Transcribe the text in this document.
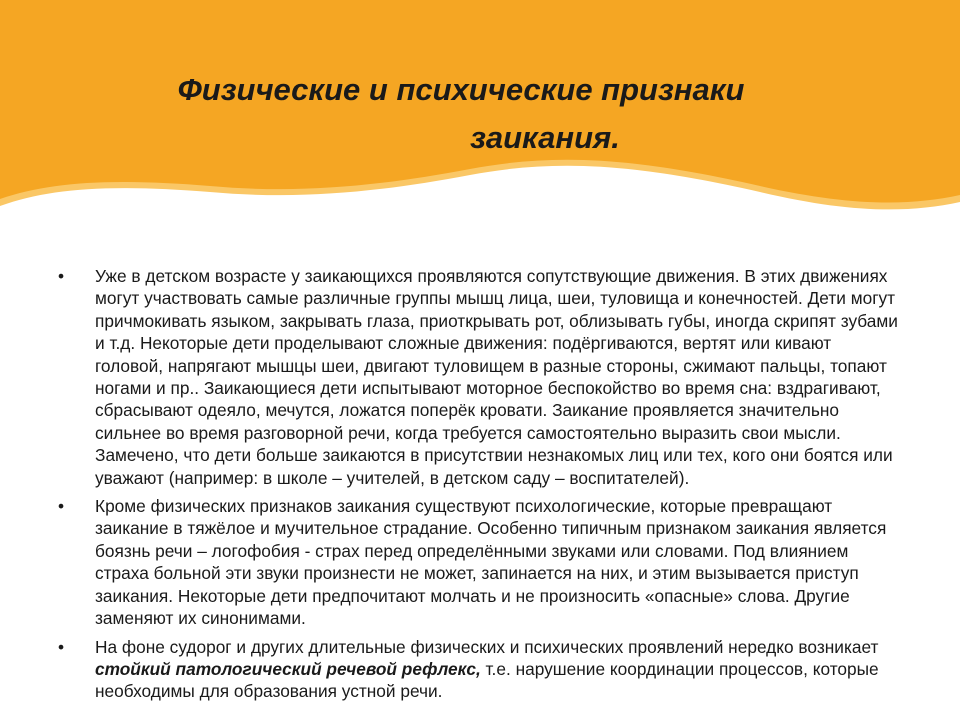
Физические и психические признаки
заикания.
• Уже в детском возрасте у заикающихся проявляются сопутствующие движения. В этих движениях могут участвовать самые различные группы мышц лица, шеи, туловища и конечностей. Дети могут причмокивать языком, закрывать глаза, приоткрывать рот, облизывать губы, иногда скрипят зубами и т.д. Некоторые дети проделывают сложные движения: подёргиваются, вертят или кивают головой, напрягают мышцы шеи, двигают туловищем в разные стороны, сжимают пальцы, топают ногами и пр.. Заикающиеся дети испытывают моторное беспокойство во время сна: вздрагивают, сбрасывают одеяло, мечутся, ложатся поперёк кровати. Заикание проявляется значительно сильнее во время разговорной речи, когда требуется самостоятельно выразить свои мысли. Замечено, что дети больше заикаются в присутствии незнакомых лиц или тех, кого они боятся или уважают (например: в школе – учителей, в детском саду – воспитателей).
• Кроме физических признаков заикания существуют психологические, которые превращают заикание в тяжёлое и мучительное страдание. Особенно типичным признаком заикания является боязнь речи – логофобия - страх перед определёнными звуками или словами. Под влиянием страха больной эти звуки произнести не может, запинается на них, и этим вызывается приступ заикания. Некоторые дети предпочитают молчать и не произносить «опасные» слова. Другие заменяют их синонимами.
• На фоне судорог и других длительные физических и психических проявлений нередко возникает стойкий патологический речевой рефлекс, т.е. нарушение координации процессов, которые необходимы для образования устной речи.
